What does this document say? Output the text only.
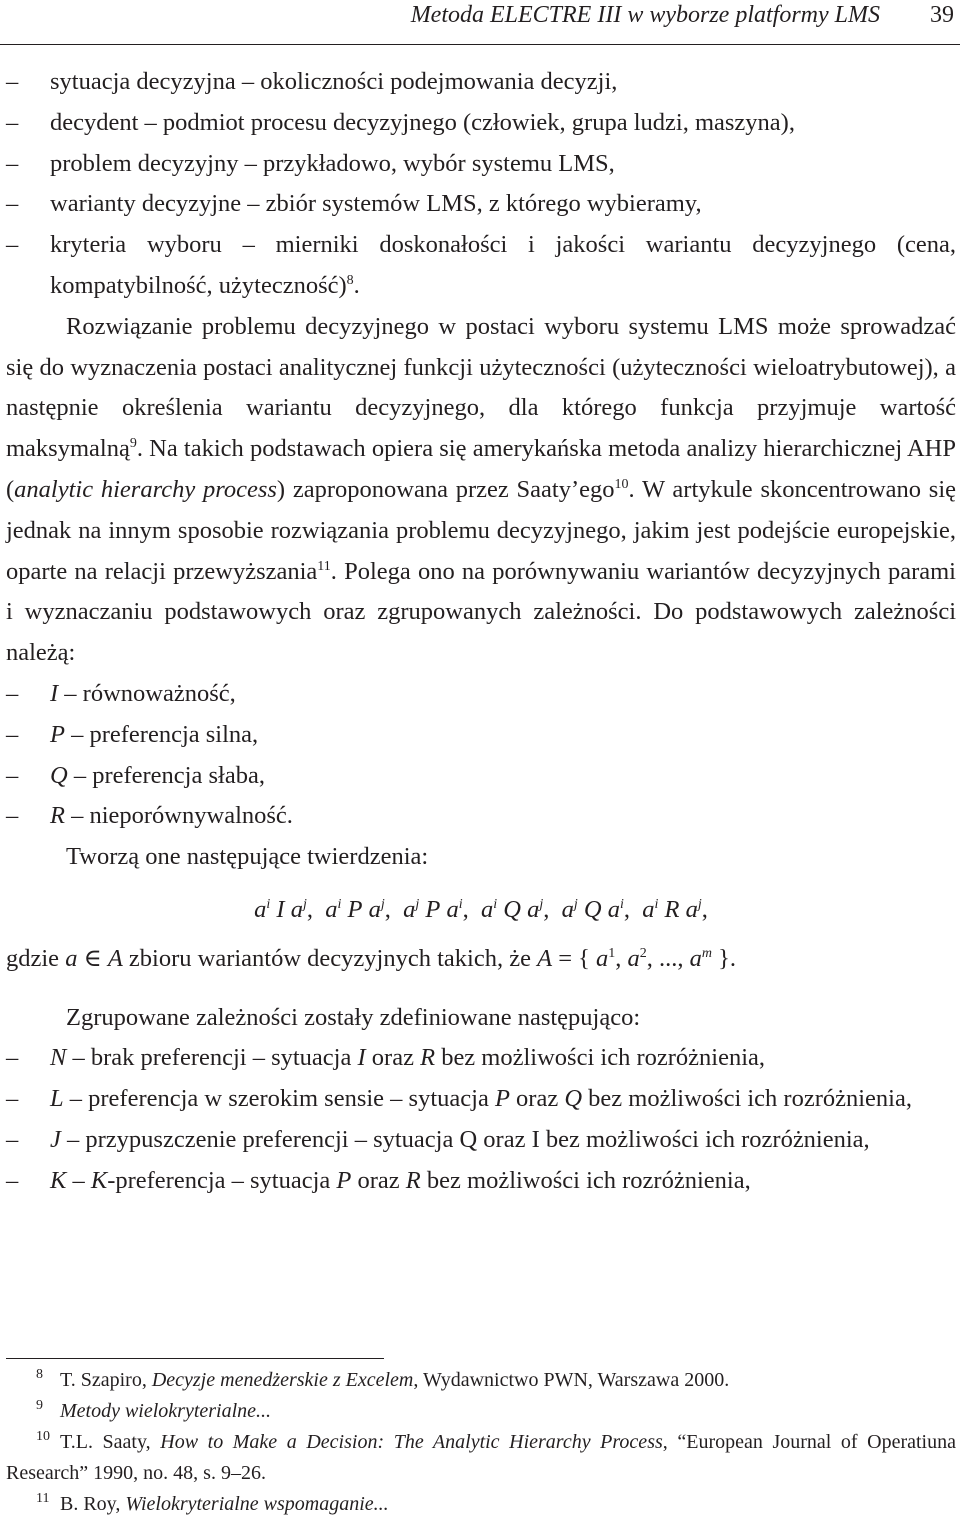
Metoda ELECTRE III w wyborze platformy LMS 39
–	sytuacja decyzyjna – okoliczności podejmowania decyzji,
–	decydent – podmiot procesu decyzyjnego (człowiek, grupa ludzi, maszyna),
–	problem decyzyjny – przykładowo, wybór systemu LMS,
–	warianty decyzyjne – zbiór systemów LMS, z którego wybieramy,
–	kryteria wyboru – mierniki doskonałości i jakości wariantu decyzyjnego (cena, kompatybilność, użyteczność)$^8$.
Rozwiązanie problemu decyzyjnego w postaci wyboru systemu LMS może sprowadzać się do wyznaczenia postaci analitycznej funkcji użyteczności (użyteczności wieloatrybutowej), a następnie określenia wariantu decyzyjnego, dla którego funkcja przyjmuje wartość maksymalną$^9$. Na takich podstawach opiera się amerykańska metoda analizy hierarchicznej AHP (analytic hierarchy process) zaproponowana przez Saaty’ego$^{10}$. W artykule skoncentrowano się jednak na innym sposobie rozwiązania problemu decyzyjnego, jakim jest podejście europejskie, oparte na relacji przewyższania$^{11}$. Polega ono na porównywaniu wariantów decyzyjnych parami i wyznaczaniu podstawowych oraz zgrupowanych zależności. Do podstawowych zależności należą:
–	I – równoważność,
–	P – preferencja silna,
–	Q – preferencja słaba,
–	R – nieporównywalność.
Tworzą one następujące twierdzenia:
$a^i$ I $a^j$, $a^i$ P $a^j$, $a^j$ P $a^i$, $a^i$ Q $a^j$, $a^j$ Q $a^i$, $a^i$ R $a^j$,
gdzie a ∈ A zbioru wariantów decyzyjnych takich, że A = { $a^1$, $a^2$, ..., $a^m$ }.
Zgrupowane zależności zostały zdefiniowane następująco:
–	N – brak preferencji – sytuacja I oraz R bez możliwości ich rozróżnienia,
–	L – preferencja w szerokim sensie – sytuacja P oraz Q bez możliwości ich rozróżnienia,
–	J – przypuszczenie preferencji – sytuacja Q oraz I bez możliwości ich rozróżnienia,
–	K – K-preferencja – sytuacja P oraz R bez możliwości ich rozróżnienia,
8 T. Szapiro, Decyzje menedżerskie z Excelem, Wydawnictwo PWN, Warszawa 2000.
9 Metody wielokryterialne...
10 T.L. Saaty, How to Make a Decision: The Analytic Hierarchy Process, “European Journal of Operatiuna Research” 1990, no. 48, s. 9–26.
11 B. Roy, Wielokryterialne wspomaganie...
